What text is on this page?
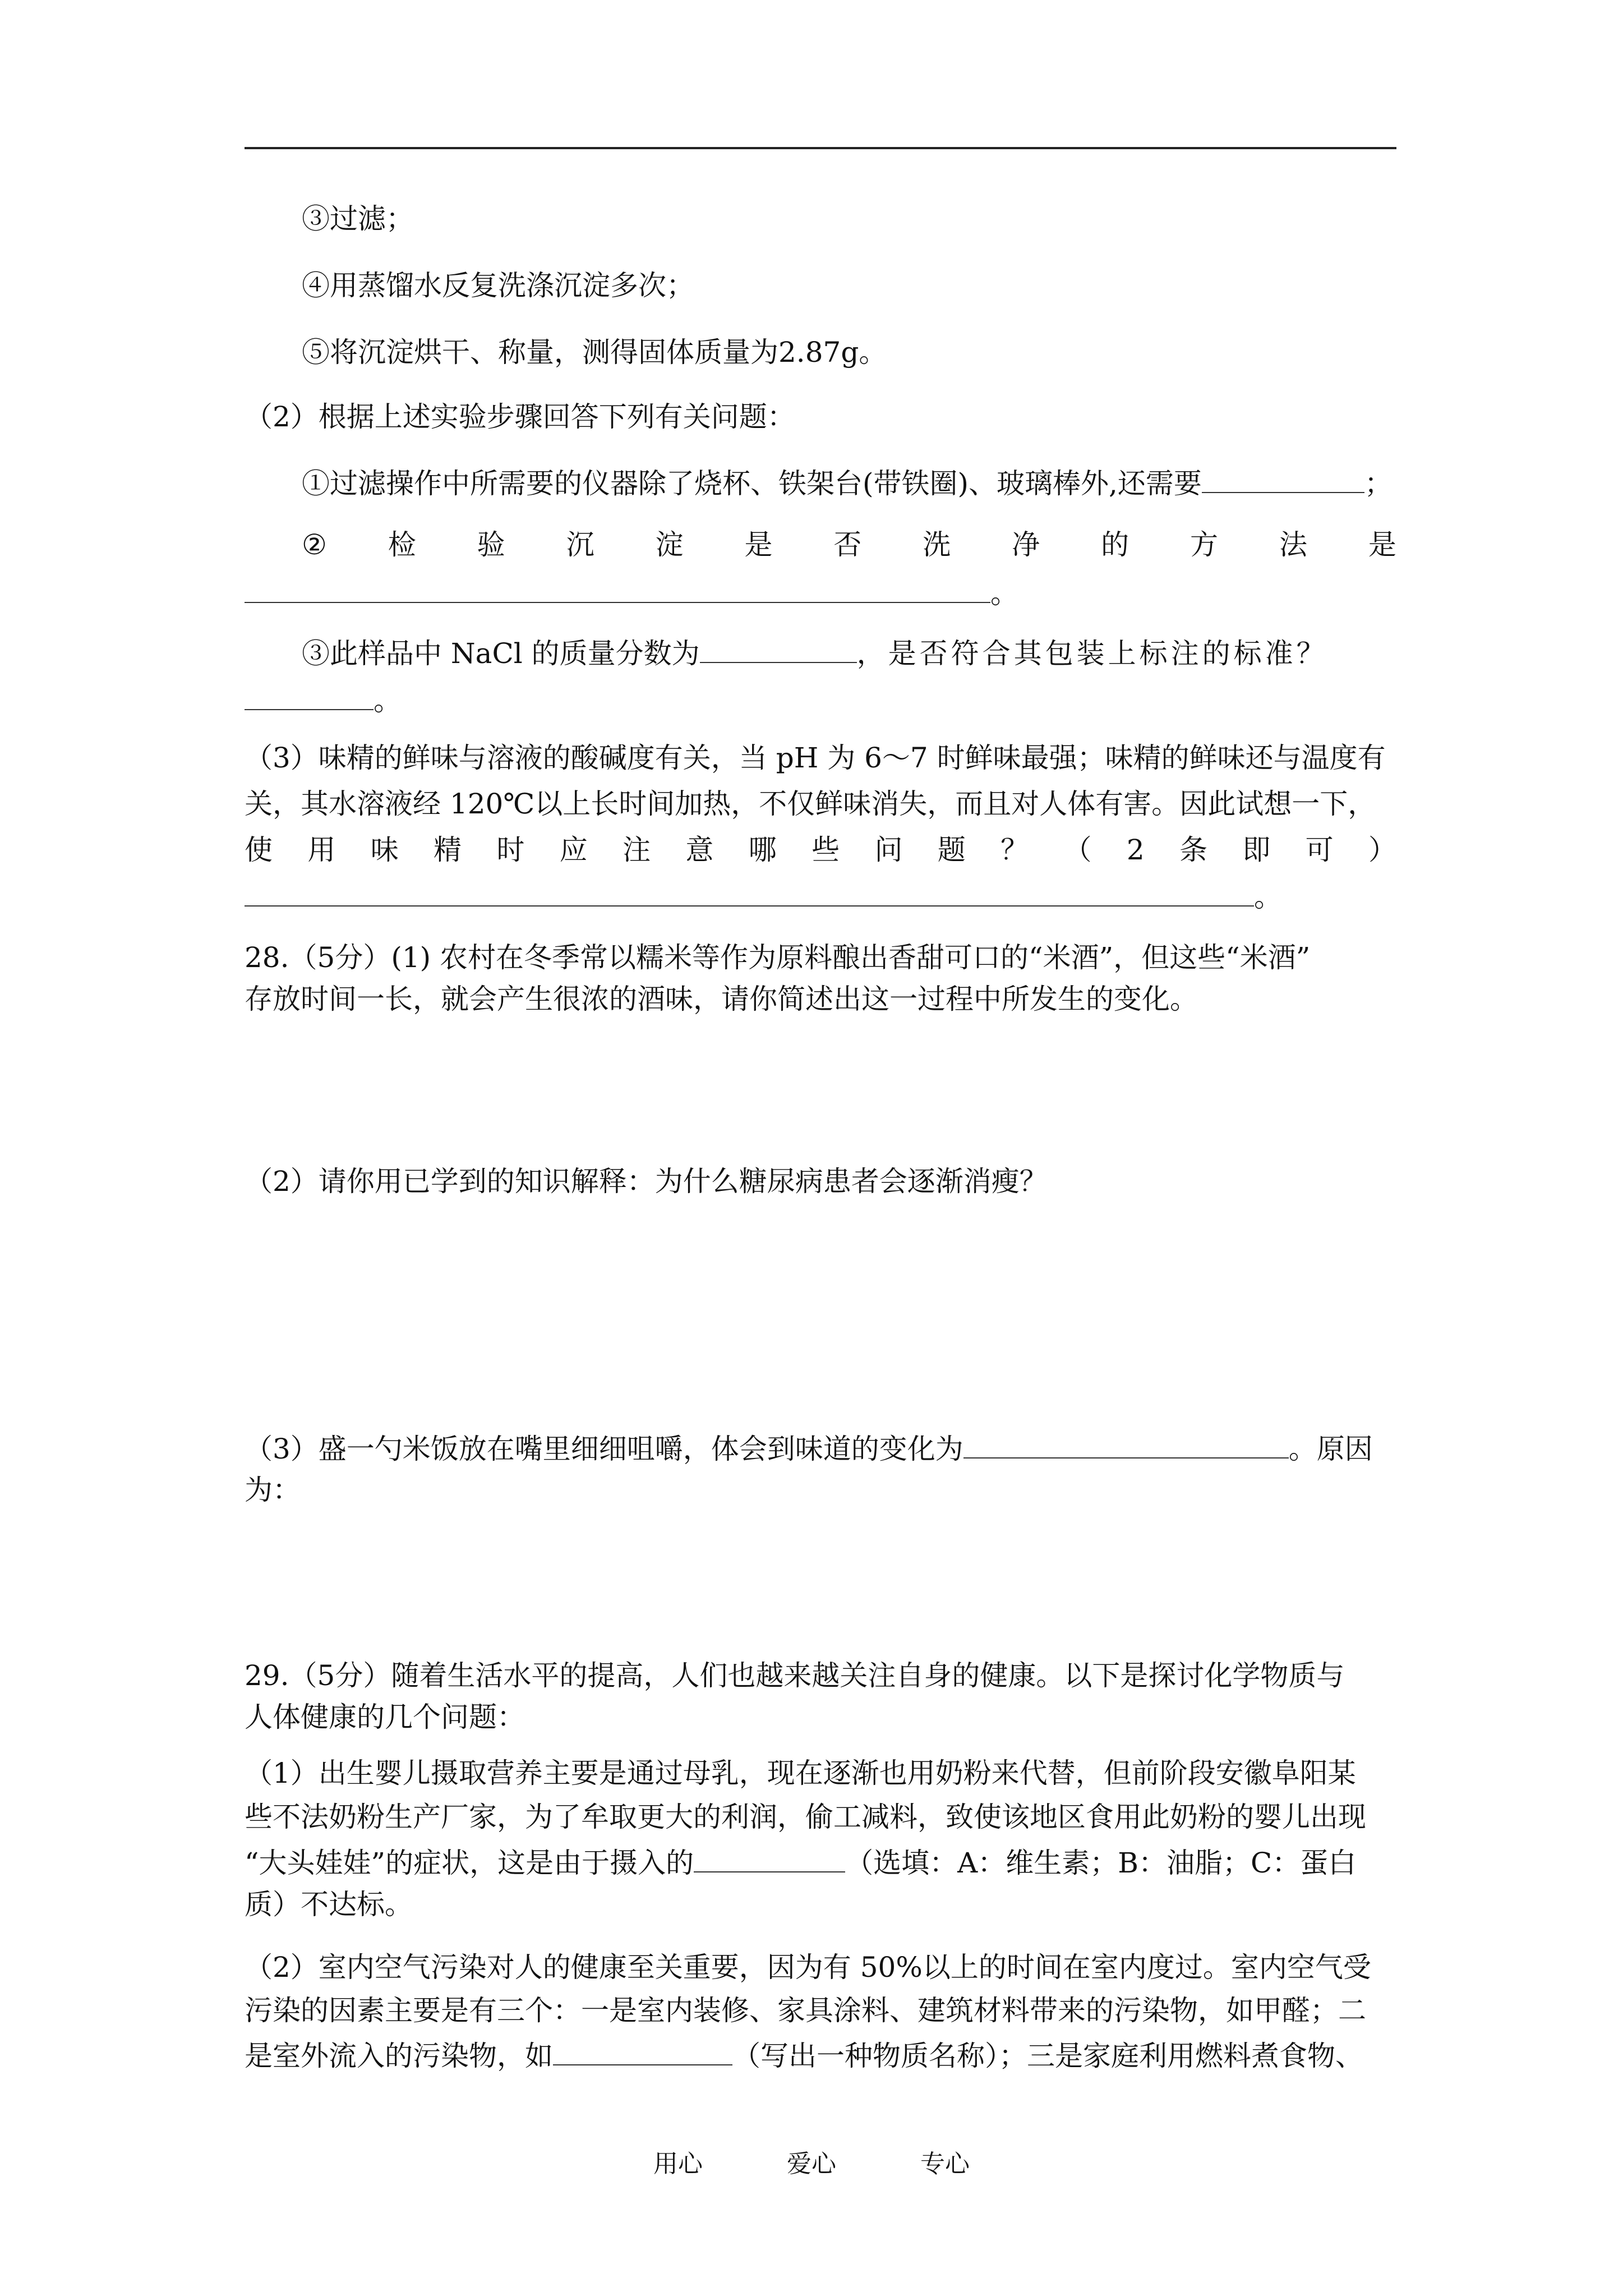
③过滤；
④用蒸馏水反复洗涤沉淀多次；
⑤将沉淀烘干、称量，测得固体质量为2.87g。
（2）根据上述实验步骤回答下列有关问题：
①过滤操作中所需要的仪器除了烧杯、铁架台(带铁圈)、玻璃棒外,还需要	；
② 检 验 沉 淀 是 否 洗 净 的 方 法 是
。
③此样品中 NaCl 的质量分数为	，是否符合其包装上标注的标准？
。
（3）味精的鲜味与溶液的酸碱度有关，当 pH 为 6～7 时鲜味最强；味精的鲜味还与温度有
关，其水溶液经 120℃以上长时间加热，不仅鲜味消失，而且对人体有害。因此试想一下，
使 用 味 精 时 应 注 意 哪 些 问 题 ？ （ 2 条 即 可 ）
。
28.（5分）(1) 农村在冬季常以糯米等作为原料酿出香甜可口的“米酒”，但这些“米酒”
存放时间一长，就会产生很浓的酒味，请你简述出这一过程中所发生的变化。
（2）请你用已学到的知识解释：为什么糖尿病患者会逐渐消瘦？
（3）盛一勺米饭放在嘴里细细咀嚼，体会到味道的变化为	。原因
为：
29.（5分）随着生活水平的提高，人们也越来越关注自身的健康。以下是探讨化学物质与
人体健康的几个问题：
（1）出生婴儿摄取营养主要是通过母乳，现在逐渐也用奶粉来代替，但前阶段安徽阜阳某
些不法奶粉生产厂家，为了牟取更大的利润，偷工减料，致使该地区食用此奶粉的婴儿出现
“大头娃娃”的症状，这是由于摄入的	（选填：A：维生素；B：油脂；C：蛋白
质）不达标。
（2）室内空气污染对人的健康至关重要，因为有 50%以上的时间在室内度过。室内空气受
污染的因素主要是有三个：一是室内装修、家具涂料、建筑材料带来的污染物，如甲醛；二
是室外流入的污染物，如	（写出一种物质名称）；三是家庭利用燃料煮食物、
用心	爱心	专心
